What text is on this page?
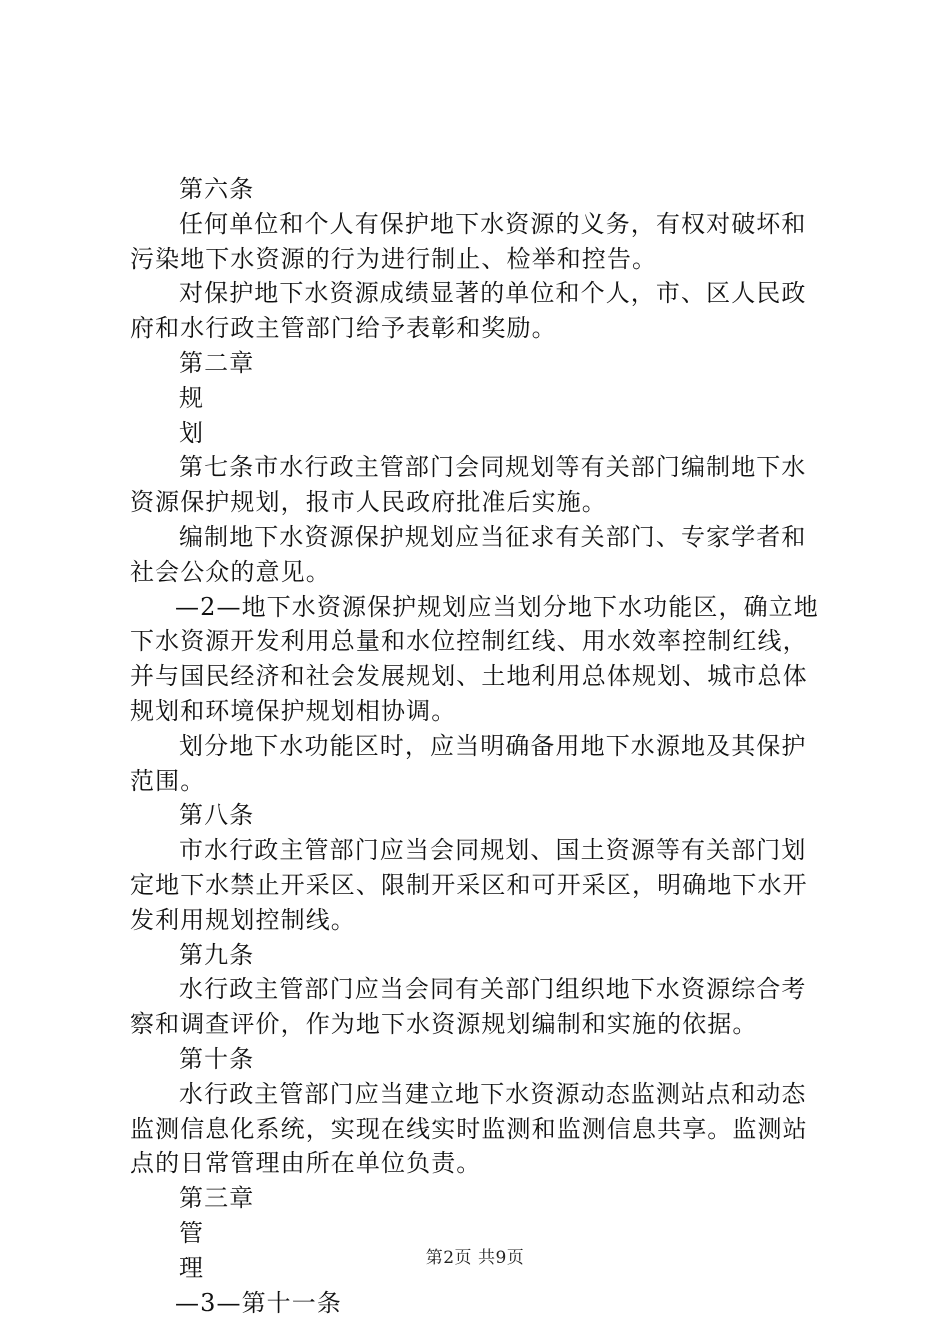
第六条

任何单位和个人有保护地下水资源的义务，有权对破坏和

污染地下水资源的行为进行制止、检举和控告。

对保护地下水资源成绩显著的单位和个人，市、区人民政

府和水行政主管部门给予表彰和奖励。

第二章

规

划

第七条市水行政主管部门会同规划等有关部门编制地下水

资源保护规划，报市人民政府批准后实施。

编制地下水资源保护规划应当征求有关部门、专家学者和

社会公众的意见。

—2—地下水资源保护规划应当划分地下水功能区，确立地

下水资源开发利用总量和水位控制红线、用水效率控制红线，

并与国民经济和社会发展规划、土地利用总体规划、城市总体

规划和环境保护规划相协调。

划分地下水功能区时，应当明确备用地下水源地及其保护

范围。

第八条

市水行政主管部门应当会同规划、国土资源等有关部门划

定地下水禁止开采区、限制开采区和可开采区，明确地下水开

发利用规划控制线。

第九条

水行政主管部门应当会同有关部门组织地下水资源综合考

察和调查评价，作为地下水资源规划编制和实施的依据。

第十条

水行政主管部门应当建立地下水资源动态监测站点和动态

监测信息化系统，实现在线实时监测和监测信息共享。监测站

点的日常管理由所在单位负责。

第三章

管

理

—3—第十一条

第2页 共9页
